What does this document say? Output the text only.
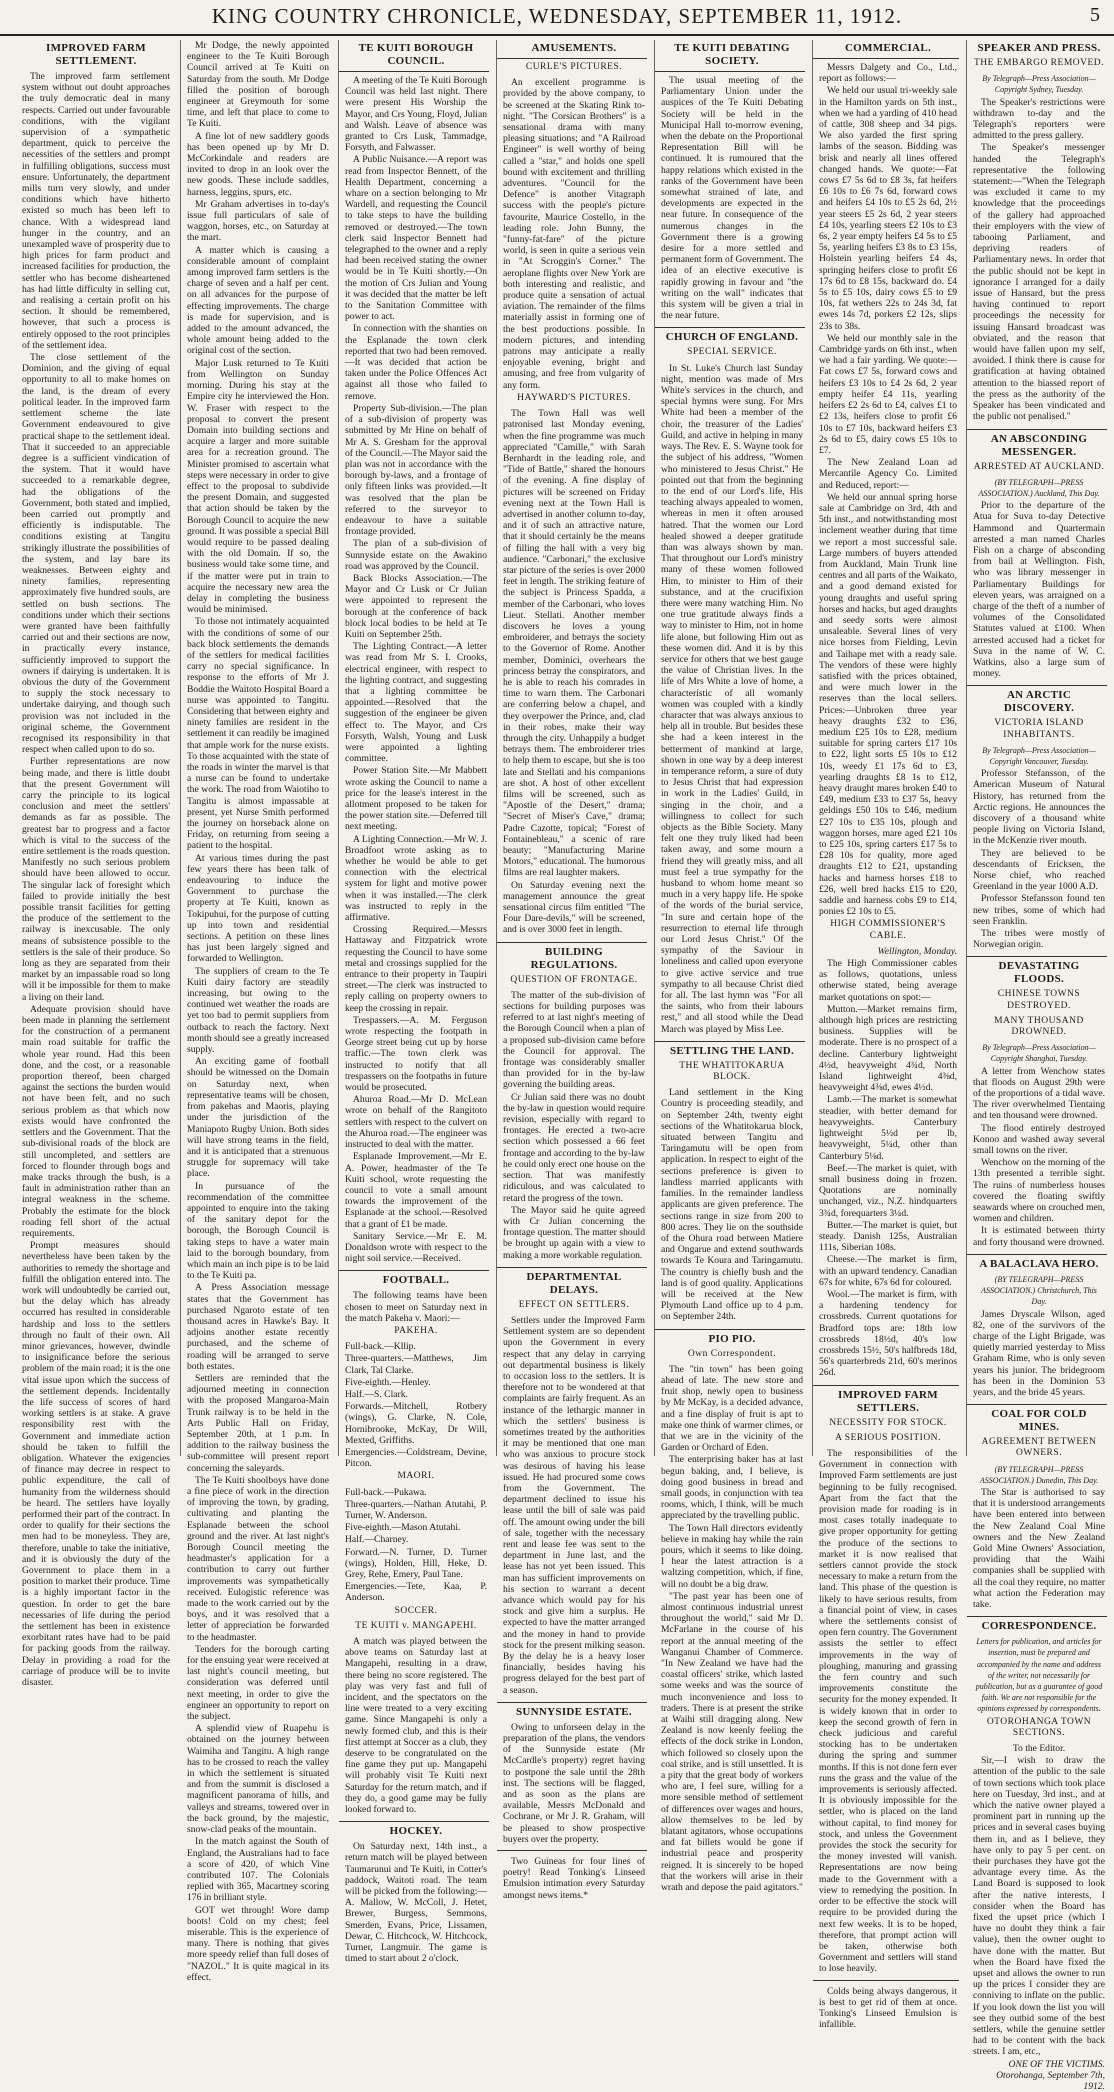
KING COUNTRY CHRONICLE, WEDNESDAY, SEPTEMBER 11, 1912.	5
IMPROVED FARM SETTLEMENT.

The improved farm settlement system without out doubt approaches the truly democratic deal in many respects. Carried out under favourable conditions, with the vigilant supervision of a sympathetic department, quick to perceive the necessities of the settlers and prompt in fulfilling obligations, success must ensure. Unfortunately, the department mills turn very slowly, and under conditions which have hitherto existed so much has been left to chance. With a widespread land hunger in the country, and an unexampled wave of prosperity due to high prices for farm product and increased facilities for production, the settler who has become disheartened has had little difficulty in selling cut, and realising a certain profit on his section. It should be remembered, however, that such a process is entirely opposed to the root principles of the settlement idea.

The close settlement of the Dominion, and the giving of equal opportunity to all to make homes on the land, is the dream of every political leader. In the improved farm settlement scheme the late Government endeavoured to give practical shape to the settlement ideal. That it succeeded to an appreciable degree is a sufficient vindication of the system. That it would have succeeded to a remarkable degree, had the obligations of the Government, both stated and implied, been carried out promptly and efficiently is indisputable. The conditions existing at Tangitu strikingly illustrate the possibilities of the system, and lay bare its weaknesses. Between eighty and ninety families, representing approximately five hundred souls, are settled on bush sections. The conditions under which their sections were granted have been faithfully carried out and their sections are now, in practically every instance, sufficiently improved to support the owners if dairying is undertaken. It is obvious the duty of the Government to supply the stock necessary to undertake dairying, and though such provision was not included in the original scheme, the Government recognised its responsibility in that respect when called upon to do so.

Further representations are now being made, and there is little doubt that the present Government will carry the principle to its logical conclusion and meet the settlers' demands as far as possible. The greatest bar to progress and a factor which is vital to the success of the entire settlement is the roads question. Manifestly no such serious problem should have been allowed to occur. The singular lack of foresight which failed to provide initially the best possible transit facilities for getting the produce of the settlement to the railway is inexcusable. The only means of subsistence possible to the settlers is the sale of their produce. So long as they are separated from their market by an impassable road so long will it be impossible for them to make a living on their land.

Adequate provision should have been made in planning the settlement for the construction of a permanent main road suitable for traffic the whole year round. Had this been done, and the cost, or a reasonable proportion thereof, been charged against the sections the burden would not have been felt, and no such serious problem as that which now exists would have confronted the settlers and the Government. That the sub-divisional roads of the block are still uncompleted, and settlers are forced to flounder through bogs and make tracks through the bush, is a fault in administration rather than an integral weakness in the scheme. Probably the estimate for the block roading fell short of the actual requirements.

Prompt measures should nevertheless have been taken by the authorities to remedy the shortage and fulfill the obligation entered into. The work will undoubtedly be carried out, but the delay which has already occurred has resulted in considerable hardship and loss to the settlers through no fault of their own. All minor grievances, however, dwindle to insignificance before the serious problem of the main road; it is the one vital issue upon which the success of the settlement depends. Incidentally the life success of scores of hard working settlers is at stake. A grave responsibility rest with the Government and immediate action should be taken to fulfill the obligation. Whatever the exigencies of finance may decree in respect to public expenditure, the call of humanity from the wilderness should be heard. The settlers have loyally performed their part of the contract. In order to qualify for their sections the men had to be moneyless. They are, therefore, unable to take the initiative, and it is obviously the duty of the Government to place them in a position to market their produce. Time is a highly important factor in the question. In order to get the bare necessaries of life during the period the settlement has been in existence exorbitant rates have had to be paid for packing goods from the railway. Delay in providing a road for the carriage of produce will be to invite disaster.

Mr Dodge, the newly appointed engineer to the Te Kuiti Borough Council arrived at Te Kuiti on Saturday from the south. Mr Dodge filled the position of borough engineer at Greymouth for some time, and left that place to come to Te Kuiti.

A fine lot of new saddlery goods has been opened up by Mr D. McCorkindale and readers are invited to drop in an look over the new goods. These include saddles, harness, leggins, spurs, etc.

Mr Graham advertises in to-day's issue full particulars of sale of waggon, horses, etc., on Saturday at the mart.

A matter which is causing a considerable amount of complaint among improved farm settlers is the charge of seven and a half per cent. on all advances for the purpose of effecting improvements. The charge is made for supervision, and is added to the amount advanced, the whole amount being added to the original cost of the section.

Major Lusk returned to Te Kuiti from Wellington on Sunday morning. During his stay at the Empire city he interviewed the Hon. W. Fraser with respect to the proposal to convert the present Domain into building sections and acquire a larger and more suitable area for a recreation ground. The Minister promised to ascertain what steps were necessary in order to give effect to the proposal to subdivide the present Domain, and suggested that action should be taken by the Borough Council to acquire the new ground. It was possible a special Bill would require to be passed dealing with the old Domain. If so, the business would take some time, and if the matter were put in train to acquire the necessary new area the delay in completing the business would be minimised.

To those not intimately acquainted with the conditions of some of our back block settlements the demands of the settlers for medical facilities carry no special significance. In response to the efforts of Mr J. Boddie the Waitoto Hospital Board a nurse was appointed to Tangitu. Considering that between eighty and ninety families are resident in the settlement it can readily be imagined that ample work for the nurse exists. To those acquainted with the state of the roads in winter the marvel is that a nurse can be found to undertake the work. The road from Waiotiho to Tangitu is almost impassable at present, yet Nurse Smith performed the journey on horseback alone on Friday, on returning from seeing a patient to the hospital.

At various times during the past few years there has been talk of endeavouring to induce the Government to purchase the property at Te Kuiti, known as Tokipuhui, for the purpose of cutting up into town and residential sections. A petition on these lines has just been largely signed and forwarded to Wellington.

The suppliers of cream to the Te Kuiti dairy factory are steadily increasing, but owing to the continued wet weather the roads are yet too bad to permit suppliers from outback to reach the factory. Next month should see a greatly increased supply.

An exciting game of football should be witnessed on the Domain on Saturday next, when representative teams will be chosen, from pakehas and Maoris, playing under the jurisdiction of the Maniapoto Rugby Union. Both sides will have strong teams in the field, and it is anticipated that a strenuous struggle for supremacy will take place.

In pursuance of the recommendation of the committee appointed to enquire into the taking of the sanitary depot for the borough, the Borough Council is taking steps to have a water main laid to the borough boundary, from which main an inch pipe is to be laid to the Te Kuiti pa.

A Press Association message states that the Government has purchased Ngaroto estate of ten thousand acres in Hawke's Bay. It adjoins another estate recently purchased, and the scheme of roading will be arranged to serve both estates.

Settlers are reminded that the adjourned meeting in connection with the proposed Mangaroa-Main Trunk railway is to be held in the Arts Public Hall on Friday, September 20th, at 1 p.m. In addition to the railway business the sub-committee will present report concerning the saleyards.

The Te Kuiti shoolboys have done a fine piece of work in the direction of improving the town, by grading, cultivating and planting the Esplanade between the school ground and the river. At last night's Borough Council meeting the headmaster's application for a contribution to carry out further improvements was sympathetically received. Eulogistic reference was made to the work carried out by the boys, and it was resolved that a letter of appreciation be forwarded to the headmaster.

Tenders for the borough carting for the ensuing year were received at last night's council meeting, but consideration was deferred until next meeting, in order to give the engineer an opportunity to report on the subject.

A splendid view of Ruapehu is obtained on the journey between Waimiha and Tangitu. A high range has to be crossed to reach the valley in which the settlement is situated and from the summit is disclosed a magnificent panorama of hills, and valleys and streams, towered over in the back ground, by the majestic, snow-clad peaks of the mountain.

In the match against the South of England, the Australians had to face a score of 420, of which Vine contributed 107. The Colonials replied with 365, Macartney scoring 176 in brilliant style.

GOT wet through! Wore damp boots! Cold on my chest; feel miserable. This is the experience of many. There is nothing that gives more speedy relief than full doses of "NAZOL." It is quite magical in its effect.

TE KUITI BOROUGH COUNCIL.

A meeting of the Te Kuiti Borough Council was held last night. There were present His Worship the Mayor, and Crs Young, Floyd, Julian and Walsh. Leave of absence was granted to Crs Lusk, Tammadge, Forsyth, and Falwasser.

A Public Nuisance.—A report was read from Inspector Bennett, of the Health Department, concerning a whare on a section belonging to Mr Wardell, and requesting the Council to take steps to have the building removed or destroyed.—The town clerk said Inspector Bennett had telegraphed to the owner and a reply had been received stating the owner would be in Te Kuiti shortly.—On the motion of Crs Julian and Young it was decided that the matter be left to the Sanitation Committee with power to act.

In connection with the shanties on the Esplanade the town clerk reported that two had been removed.—It was decided that action be taken under the Police Offences Act against all those who failed to remove.

Property Sub-division.—The plan of a sub-division of property was submitted by Mr Hine on behalf of Mr A. S. Gresham for the approval of the Council.—The Mayor said the plan was not in accordance with the borough by-laws, and a frontage of only fifteen links was provided.—It was resolved that the plan be referred to the surveyor to endeavour to have a suitable frontage provided.

The plan of a sub-division of Sunnyside estate on the Awakino road was approved by the Council.

Back Blocks Association.—The Mayor and Cr Lusk or Cr Julian were appointed to represent the borough at the conference of back block local bodies to be held at Te Kuiti on September 25th.

The Lighting Contract.—A letter was read from Mr S. I. Crooks, electrical engineer, with respect to the lighting contract, and suggesting that a lighting committee be appointed.—Resolved that the suggestion of the engineer be given effect to. The Mayor, and Crs Forsyth, Walsh, Young and Lusk were appointed a lighting committee.

Power Station Site.—Mr Mabbett wrote asking the Council to name a price for the lease's interest in the allotment proposed to be taken for the power station site.—Deferred till next meeting.

A Lighting Connection.—Mr W. J. Broadfoot wrote asking as to whether he would be able to get connection with the electrical system for light and motive power when it was installed.—The clerk was instructed to reply in the affirmative.

Crossing Required.—Messrs Hattaway and Fitzpatrick wrote requesting the Council to have some metal and crossings supplied for the entrance to their property in Taupiri street.—The clerk was instructed to reply calling on property owners to keep the crossing in repair.

Trespassers.—A. M. Ferguson wrote respecting the footpath in George street being cut up by horse traffic.—The town clerk was instructed to notify that all trespassers on the footpaths in future would be prosecuted.

Ahuroa Road.—Mr D. McLean wrote on behalf of the Rangitoto settlers with respect to the culvert on the Ahuroa road.—The engineer was instructed to deal with the matter.

Esplanade Improvement.—Mr E. A. Power, headmaster of the Te Kuiti school, wrote requesting the council to vote a small amount towards the improvement of the Esplanade at the school.—Resolved that a grant of £1 be made.

Sanitary Service.—Mr E. M. Donaldson wrote with respect to the night soil service.—Received.

FOOTBALL.

The following teams have been chosen to meet on Saturday next in the match Pakeha v. Maori:—

PAKEHA.

Full-back.—Kllip.

Three-quarters.—Matthews, Jim Clark, Tal Clarke.

Five-eighth.—Henley.

Half.—S. Clark.

Forwards.—Mitchell, Rotbery (wings), G. Clarke, N. Cole, Hornibrooke, McKay, Dr Will, Mexted, Griffiths.

Emergencies.—Coldstream, Devine, Pitcon.

MAORI.

Full-back.—Pukawa.

Three-quarters.—Nathan Atutahi, P. Turner, W. Anderson.

Five-eighth.—Mason Atutahi.

Half.—Charney.

Forward.—N. Turner, D. Turner (wings), Holden, Hill, Heke, D. Grey, Rehe, Emery, Paul Tane.

Emergencies.—Tete, Kaa, P. Anderson.

SOCCER.
TE KUITI v. MANGAPEHI.

A match was played between the above teams on Saturday last at Mangapehi, resulting in a draw, there being no score registered. The play was very fast and full of incident, and the spectators on the line were treated to a very exciting game. Since Mangapehi is only a newly formed club, and this is their first attempt at Soccer as a club, they deserve to be congratulated on the fine game they put up. Mangapehi will probably visit Te Kuiti next Saturday for the return match, and if they do, a good game may be fully looked forward to.

HOCKEY.

On Saturday next, 14th inst., a return match will be played between Taumarunui and Te Kuiti, in Cotter's paddock, Waitoti road. The team will be picked from the following:—A. Mallow, W. McColl, J. Hetet, Brewer, Burgess, Semmons, Smerden, Evans, Price, Lissamen, Dewar, C. Hitchcock, W. Hitchcock, Turner, Langmuir. The game is timed to start about 2 o'clock.

AMUSEMENTS.
CURLE'S PICTURES.

An excellent programme is provided by the above company, to be screened at the Skating Rink to-night. "The Corsican Brothers" is a sensational drama with many pleasing situations; and "A Railroad Engineer" is well worthy of being called a "star," and holds one spell bound with excitement and thrilling adventures. "Council for the Defence" is another Vitagraph success with the people's picture favourite, Maurice Costello, in the leading role. John Bunny, the "funny-fat-fare" of the picture world, is seen in quite a serious vein in "At Scroggin's Corner." The aeroplane flights over New York are both interesting and realistic, and produce quite a sensation of actual aviation. The remainder of the films materially assist in forming one of the best productions possible. In modern pictures, and intending patrons may anticipate a really enjoyable evening, bright and amusing, and free from vulgarity of any form.

HAYWARD'S PICTURES.

The Town Hall was well patronised last Monday evening, when the fine programme was much appreciated "Camille," with Sarah Bernhardt in the leading role, and "Tide of Battle," shared the honours of the evening. A fine display of pictures will be screened on Friday evening next at the Town Hall is advertised in another column to-day, and it of such an attractive nature, that it should certainly be the means of filling the hall with a very big audience. "Carbonari," the exclusive star picture of the series is over 2000 feet in length. The striking feature of the subject is Princess Spadda, a member of the Carbonari, who loves Lieut. Stellati. Another member discovers he loves a young embroiderer, and betrays the society to the Governor of Rome. Another member, Dominici, overhears the princess betray the conspirators, and he is able to reach his comrades in time to warn them. The Carbonari are conferring below a chapel, and they overpower the Prince, and, clad in their robes, make their way through the city. Unhappily a budget betrays them. The embroiderer tries to help them to escape, but she is too late and Stellati and his companions are shot. A host of other excellent films will be screened, such as "Apostle of the Desert," drama; "Secret of Miser's Cave," drama; Padre Cazotte, topical; "Forest of Fontainebleau," a scenic of rare beauty; "Manufacturing Marine Motors," educational. The humorous films are real laughter makers.

On Saturday evening next the management announce the great sensational circus film entitled "The Four Dare-devils," will be screened, and is over 3000 feet in length.

BUILDING REGULATIONS.
QUESTION OF FRONTAGE.

The matter of the sub-division of sections for building purposes was referred to at last night's meeting of the Borough Council when a plan of a proposed sub-division came before the Council for approval. The frontage was considerably smaller than provided for in the by-law governing the building areas.

Cr Julian said there was no doubt the by-law in question would require revision, especially with regard to frontages. He erected a two-acre section which possessed a 66 feet frontage and according to the by-law he could only erect one house on the section. That was manifestly ridiculous, and was calculated to retard the progress of the town.

The Mayor said he quite agreed with Cr Julian concerning the frontage question. The matter should be brought up again with a view to making a more workable regulation.

DEPARTMENTAL DELAYS.
EFFECT ON SETTLERS.

Settlers under the Improved Farm Settlement system are so dependent upon the Government in every respect that any delay in carrying out departmental business is likely to occasion loss to the settlers. It is therefore not to be wondered at that complaints are fairly frequent. As an instance of the lethargic manner in which the settlers' business is sometimes treated by the authorities it may be mentioned that one man who was anxious to procure stock was desirous of having his lease issued. He had procured some cows from the Government. The department declined to issue his lease until the bill of sale was paid off. The amount owing under the bill of sale, together with the necessary rent and lease fee was sent to the department in June last, and the lease has not yet been issued. This man has sufficient improvements on his section to warrant a decent advance which would pay for his stock and give him a surplus. He expected to have the matter arranged and the money in hand to provide stock for the present milking season. By the delay he is a heavy loser financially, besides having his progress delayed for the best part of a season.

SUNNYSIDE ESTATE.

Owing to unforseen delay in the preparation of the plans, the vendors of the Sunnyside estate (Mr McCardle's property) regret having to postpone the sale until the 28th inst. The sections will be flagged, and as soon as the plans are available, Messrs McDonald and Cochrane, or Mr J. R. Graham, will be pleased to show prospective buyers over the property.

Two Guineas for four lines of poetry! Read Tonking's Linseed Emulsion intimation every Saturday amongst news items.*

TE KUITI DEBATING SOCIETY.

The usual meeting of the Parliamentary Union under the auspices of the Te Kuiti Debating Society will be held in the Municipal Hall to-morrow evening, when the debate on the Proportional Representation Bill will be continued. It is rumoured that the happy relations which existed in the ranks of the Government have been somewhat strained of late, and developments are expected in the near future. In consequence of the numerous changes in the Government there is a growing desire for a more settled and permanent form of Government. The idea of an elective executive is rapidly growing in favour and "the writing on the wall" indicates that this system will be given a trial in the near future.

CHURCH OF ENGLAND.
SPECIAL SERVICE.

In St. Luke's Church last Sunday night, mention was made of Mrs White's services in the church, and special hymns were sung. For Mrs White had been a member of the choir, the treasurer of the Ladies' Guild, and active in helping in many ways. The Rev. E. S. Wayne took for the subject of his address, "Women who ministered to Jesus Christ." He pointed out that from the beginning to the end of our Lord's life, His teaching always appealed to women, whereas in men it often aroused hatred. That the women our Lord healed showed a deeper gratitude than was always shown by man. That throughout our Lord's ministry many of these women followed Him, to minister to Him of their substance, and at the crucifixion there were many watching Him. No one true gratitude always finds a way to minister to Him, not in home life alone, but following Him out as these women did. And it is by this service for others that we best gauge the value of Christian lives. In the life of Mrs White a love of home, a characteristic of all womanly women was coupled with a kindly character that was always anxious to help all in trouble. But besides these she had a keen interest in the betterment of mankind at large, shown in one way by a deep interest in temperance reform, a sure of duty to Jesus Christ that had expression in work in the Ladies' Guild, in singing in the choir, and a willingness to collect for such objects as the Bible Society. Many felt one they truly liked had been taken away, and some mourn a friend they will greatly miss, and all must feel a true sympathy for the husband to whom home meant so much in a very happy life. He spoke of the words of the burial service, "In sure and certain hope of the resurrection to eternal life through our Lord Jesus Christ." Of the sympathy of the Saviour in loneliness and called upon everyone to give active service and true sympathy to all because Christ died for all. The last hymn was "For all the saints, who from their labours rest," and all stood while the Dead March was played by Miss Lee.

SETTLING THE LAND.
THE WHATITOKARUA BLOCK.

Land settlement in the King Country is proceeding steadily, and on September 24th, twenty eight sections of the Whatitokarua block, situated between Tangitu and Taringamutu will be open from application. In respect to eight of the sections preference is given to landless married applicants with families. In the remainder landless applicants are given preference. The sections range in size from 200 to 800 acres. They lie on the southside of the Ohura road between Matiere and Ongarue and extend southwards towards Te Koura and Taringamutu. The country is chiefly bush and the land is of good quality. Applications will be received at the New Plymouth Land office up to 4 p.m. on September 24th.

PIO PIO.
Own Correspondent.

The "tin town" has been going ahead of late. The new store and fruit shop, newly open to business by Mr McKay, is a decided advance, and a fine display of fruit is apt to make one think of warmer climes, or that we are in the vicinity of the Garden or Orchard of Eden.

The enterprising baker has at last begun baking, and, I believe, is doing good business in bread and small goods, in conjunction with tea rooms, which, I think, will be much appreciated by the travelling public.

The Town Hall directors evidently believe in making hay while the rain pours, which it seems to like doing. I hear the latest attraction is a waltzing competition, which, if fine, will no doubt be a big draw.

"The past year has been one of almost continuous industrial unrest throughout the world," said Mr D. McFarlane in the course of his report at the annual meeting of the Wanganui Chamber of Commerce. "In New Zealand we have had the coastal officers' strike, which lasted some weeks and was the source of much inconvenience and loss to traders. There is at present the strike at Waihi still dragging along. New Zealand is now keenly feeling the effects of the dock strike in London, which followed so closely upon the coal strike, and is still unsettled. It is a pity that the great body of workers who are, I feel sure, willing for a more sensible method of settlement of differences over wages and hours, allow themselves to be led by blatant agitators, whose occupations and fat billets would be gone if industrial peace and prosperity reigned. It is sincerely to be hoped that the workers will arise in their wrath and depose the paid agitators."

COMMERCIAL.

Messrs Dalgety and Co., Ltd., report as follows:—

We held our usual tri-weekly sale in the Hamilton yards on 5th inst., when we had a yarding of 410 head of cattle, 308 sheep and 34 pigs. We also yarded the first spring lambs of the season. Bidding was brisk and nearly all lines offered changed hands. We quote:—Fat cows £7 5s 6d to £8 3s, fat heifers £6 10s to £6 7s 6d, forward cows and heifers £4 10s to £5 2s 6d, 2½ year steers £5 2s 6d, 2 year steers £4 10s, yearling steers £2 10s to £3 6s, 2 year empty heifers £4 5s to £5 5s, yearling heifers £3 8s to £3 15s, Holstein yearling heifers £4 4s, springing heifers close to profit £6 17s 6d to £8 15s, backward do. £4 5s to £5 10s, dairy cows £5 to £9 10s, fat wethers 22s to 24s 3d, fat ewes 14s 7d, porkers £2 12s, slips 23s to 38s.

We held our monthly sale in the Cambridge yards on 6th inst., when we had a fair yarding. We quote:—Fat cows £7 5s, forward cows and heifers £3 10s to £4 2s 6d, 2 year empty heifer £4 11s, yearling heifers £2 2s 6d to £4, calves £1 to £2 13s, heifers close to profit £6 10s to £7 10s, backward heifers £3 2s 6d to £5, dairy cows £5 10s to £7.

The New Zealand Loan ad Mercantile Agency Co. Limited and Reduced, report:—

We held our annual spring horse sale at Cambridge on 3rd, 4th and 5th inst., and notwithstanding most inclement weather during that time we report a most successful sale. Large numbers of buyers attended from Auckland, Main Trunk line centres and all parts of the Waikato, and a good demand existed for young draughts and useful spring horses and hacks, but aged draughts and seedy sorts were almost unsaleable. Several lines of very nice horses from Fielding, Levin and Taihape met with a ready sale. The vendors of these were highly satisfied with the prices obtained, and were much lower in the reserves than the local sellers. Prices:—Unbroken three year heavy draughts £32 to £36, medium £25 10s to £28, medium suitable for spring carters £17 10s to £22, light sorts £5 10s to £12 10s, weedy £1 17s 6d to £3, yearling draughts £8 1s to £12, heavy draught mares broken £40 to £49, medium £33 to £37 5s, heavy geldings £50 10s to £46, medium £27 10s to £35 10s, plough and waggon horses, mare aged £21 10s to £25 10s, spring carters £17 5s to £28 10s for quality, more aged draughts £12 to £21, upstanding hacks and harness horses £18 to £26, well bred hacks £15 to £20, saddle and harness cobs £9 to £14, ponies £2 10s to £5.

HIGH COMMISSIONER'S CABLE.

Wellington, Monday.

The High Commissioner cables as follows, quotations, unless otherwise stated, being average market quotations on spot:—

Mutton.—Market remains firm, although high prices are restricting business. Supplies will be moderate. There is no prospect of a decline. Canterbury lightweight 4½d, heavyweight 4¾d, North Island lightweight 4⅜d, heavyweight 4⅜d, ewes 4½d.

Lamb.—The market is somewhat steadier, with better demand for heavyweights. Canterbury lightweight 5½d per lb, heavyweight, 5¼d, other than Canterbury 5⅛d.

Beef.—The market is quiet, with small business doing in frozen. Quotations are nominally unchanged, viz., N.Z. hindquarters 3¾d, forequarters 3¼d.

Butter.—The market is quiet, but steady. Danish 125s, Australian 111s, Siberian 108s.

Cheese.—The market is firm, with an upward tendency. Canadian 67s for white, 67s 6d for coloured.

Wool.—The market is firm, with a hardening tendency for crossbreds. Current quotations for Bradford tops are: 18th low crossbreds 18½d, 40's low crossbreds 15½, 50's halfbreds 18d, 56's quarterbreds 21d, 60's merinos 26d.

IMPROVED FARM SETTLERS.
NECESSITY FOR STOCK.
A SERIOUS POSITION.

The responsibilities of the Government in connection with Improved Farm settlements are just beginning to be fully recognised. Apart from the fact that the provision made for roading is in most cases totally inadequate to give proper opportunity for getting the produce of the sections to market it is now realised that settlers cannot provide the stock necessary to make a return from the land. This phase of the question is likely to have serious results, from a financial point of view, in cases where the settlements consist of open fern country. The Government assists the settler to effect improvements in the way of ploughing, manuring and grassing the fern country and such improvements constitute the security for the money expended. It is widely known that in order to keep the second growth of fern in check judicious and careful stocking has to be undertaken during the spring and summer months. If this is not done fern ever runs the grass and the value of the improvements is seriously affected. It is obviously impossible for the settler, who is placed on the land without capital, to find money for stock, and unless the Government provides the stock the security for the money invested will vanish. Representations are now being made to the Government with a view to remedying the position. In order to be effective the stock will require to be provided during the next few weeks. It is to be hoped, therefore, that prompt action will be taken, otherwise both Government and settlers will stand to lose heavily.

Colds being always dangerous, it is best to get rid of them at once. Tonking's Linseed Emulsion is infallible.

SPEAKER AND PRESS.
THE EMBARGO REMOVED.

By Telegraph—Press Association—Copyright Sydney, Tuesday.

The Speaker's restrictions were withdrawn to-day and the Telegraph's reporters were admitted to the press gallery.

The Speaker's messenger handed the Telegraph's representative the following statement:—"When the Telegraph was excluded it came to my knowledge that the proceedings of the gallery had approached their employers with the view of tabooing Parliament, and depriving readers of Parliamentary news. In order that the public should not be kept in ignorance I arranged for a daily issue of Hansard, but the press having continued to report proceedings the necessity for issuing Hansard broadcast was obviated, and the reason that would have fallen upon my self, avoided. I think there is cause for gratification at having obtained attention to the biassed report of the press as the authority of the Speaker has been vindicated and the public not penalised."

AN ABSCONDING MESSENGER.
ARRESTED AT AUCKLAND.

(BY TELEGRAPH—PRESS ASSOCIATION.) Auckland, This Day.

Prior to the departure of the Atua for Suva to-day Detective Hammond and Quartermain arrested a man named Charles Fish on a charge of absconding from bail at Wellington. Fish, who was library messenger in Parliamentary Buildings for eleven years, was arraigned on a charge of the theft of a number of volumes of the Consolidated Statutes valued at £100. When arrested accused had a ticket for Suva in the name of W. C. Watkins, also a large sum of money.

AN ARCTIC DISCOVERY.
VICTORIA ISLAND INHABITANTS.

By Telegraph—Press Association—Copyright Vancouver, Tuesday.

Professor Stefansson, of the American Museum of Natural History, has returned from the Arctic regions. He announces the discovery of a thousand white people living on Victoria Island, in the McKenzie river mouth.

They are believed to be descendants of Ericksen, the Norse chief, who reached Greenland in the year 1000 A.D.

Professor Stefansson found ten new tribes, some of which had seen Franklin.

The tribes were mostly of Norwegian origin.

DEVASTATING FLOODS.
CHINESE TOWNS DESTROYED.
MANY THOUSAND DROWNED.

By Telegraph—Press Association—Copyright Shanghai, Tuesday.

A letter from Wenchow states that floods on August 29th were of the proportions of a tidal wave. The river overwhelmed Tientaing and ten thousand were drowned.

The flood entirely destroyed Konoo and washed away several small towns on the river.

Wenchow on the morning of the 13th presented a terrible sight. The ruins of numberless houses covered the floating swiftly seawards where on crouched men, women and children.

It is estimated between thirty and forty thousand were drowned.

A BALACLAVA HERO.

(BY TELEGRAPH—PRESS ASSOCIATION.) Christchurch, This Day.

James Dryscale Wilson, aged 82, one of the survivors of the charge of the Light Brigade, was quietly married yesterday to Miss Graham Rime, who is only seven years his junior. The bridegroom has been in the Dominion 53 years, and the bride 45 years.

COAL FOR COLD MINES.
AGREEMENT BETWEEN OWNERS.

(BY TELEGRAPH—PRESS ASSOCIATION.) Dunedin, This Day.

The Star is authorised to say that it is understood arrangements have been entered into between the New Zealand Coal Mine owners and the New Zealand Gold Mine Owners' Association, providing that the Waihi companies shall be supplied with all the coal they require, no matter what action the Federation may take.

CORRESPONDENCE.

Letters for publication, and articles for insertion, must be prepared and accompanied by the name and address of the writer, not necessarily for publication, but as a guarantee of good faith. We are not responsible for the opinions expressed by correspondents.

OTOROHANGA TOWN SECTIONS.

To the Editor.

Sir,—I wish to draw the attention of the public to the sale of town sections which took place here on Tuesday, 3rd inst., and at which the native owner played a prominent part in running up the prices and in several cases buying them in, and as I believe, they have only to pay 5 per cent. on their purchases they have got the advantage every time. As the Land Board is supposed to look after the native interests, I consider when the Board has fixed the upset price (which I have no doubt they think a fair value), then the owner ought to have done with the matter. But when the Board have fixed the upset and allows the owner to run up the prices I consider they are conniving to inflate on the public. If you look down the list you will see they outbid some of the best settlers, while the genuine settler had to be content with the back streets. I am, etc.,

ONE OF THE VICTIMS. Otorohanga, September 7th, 1912.
